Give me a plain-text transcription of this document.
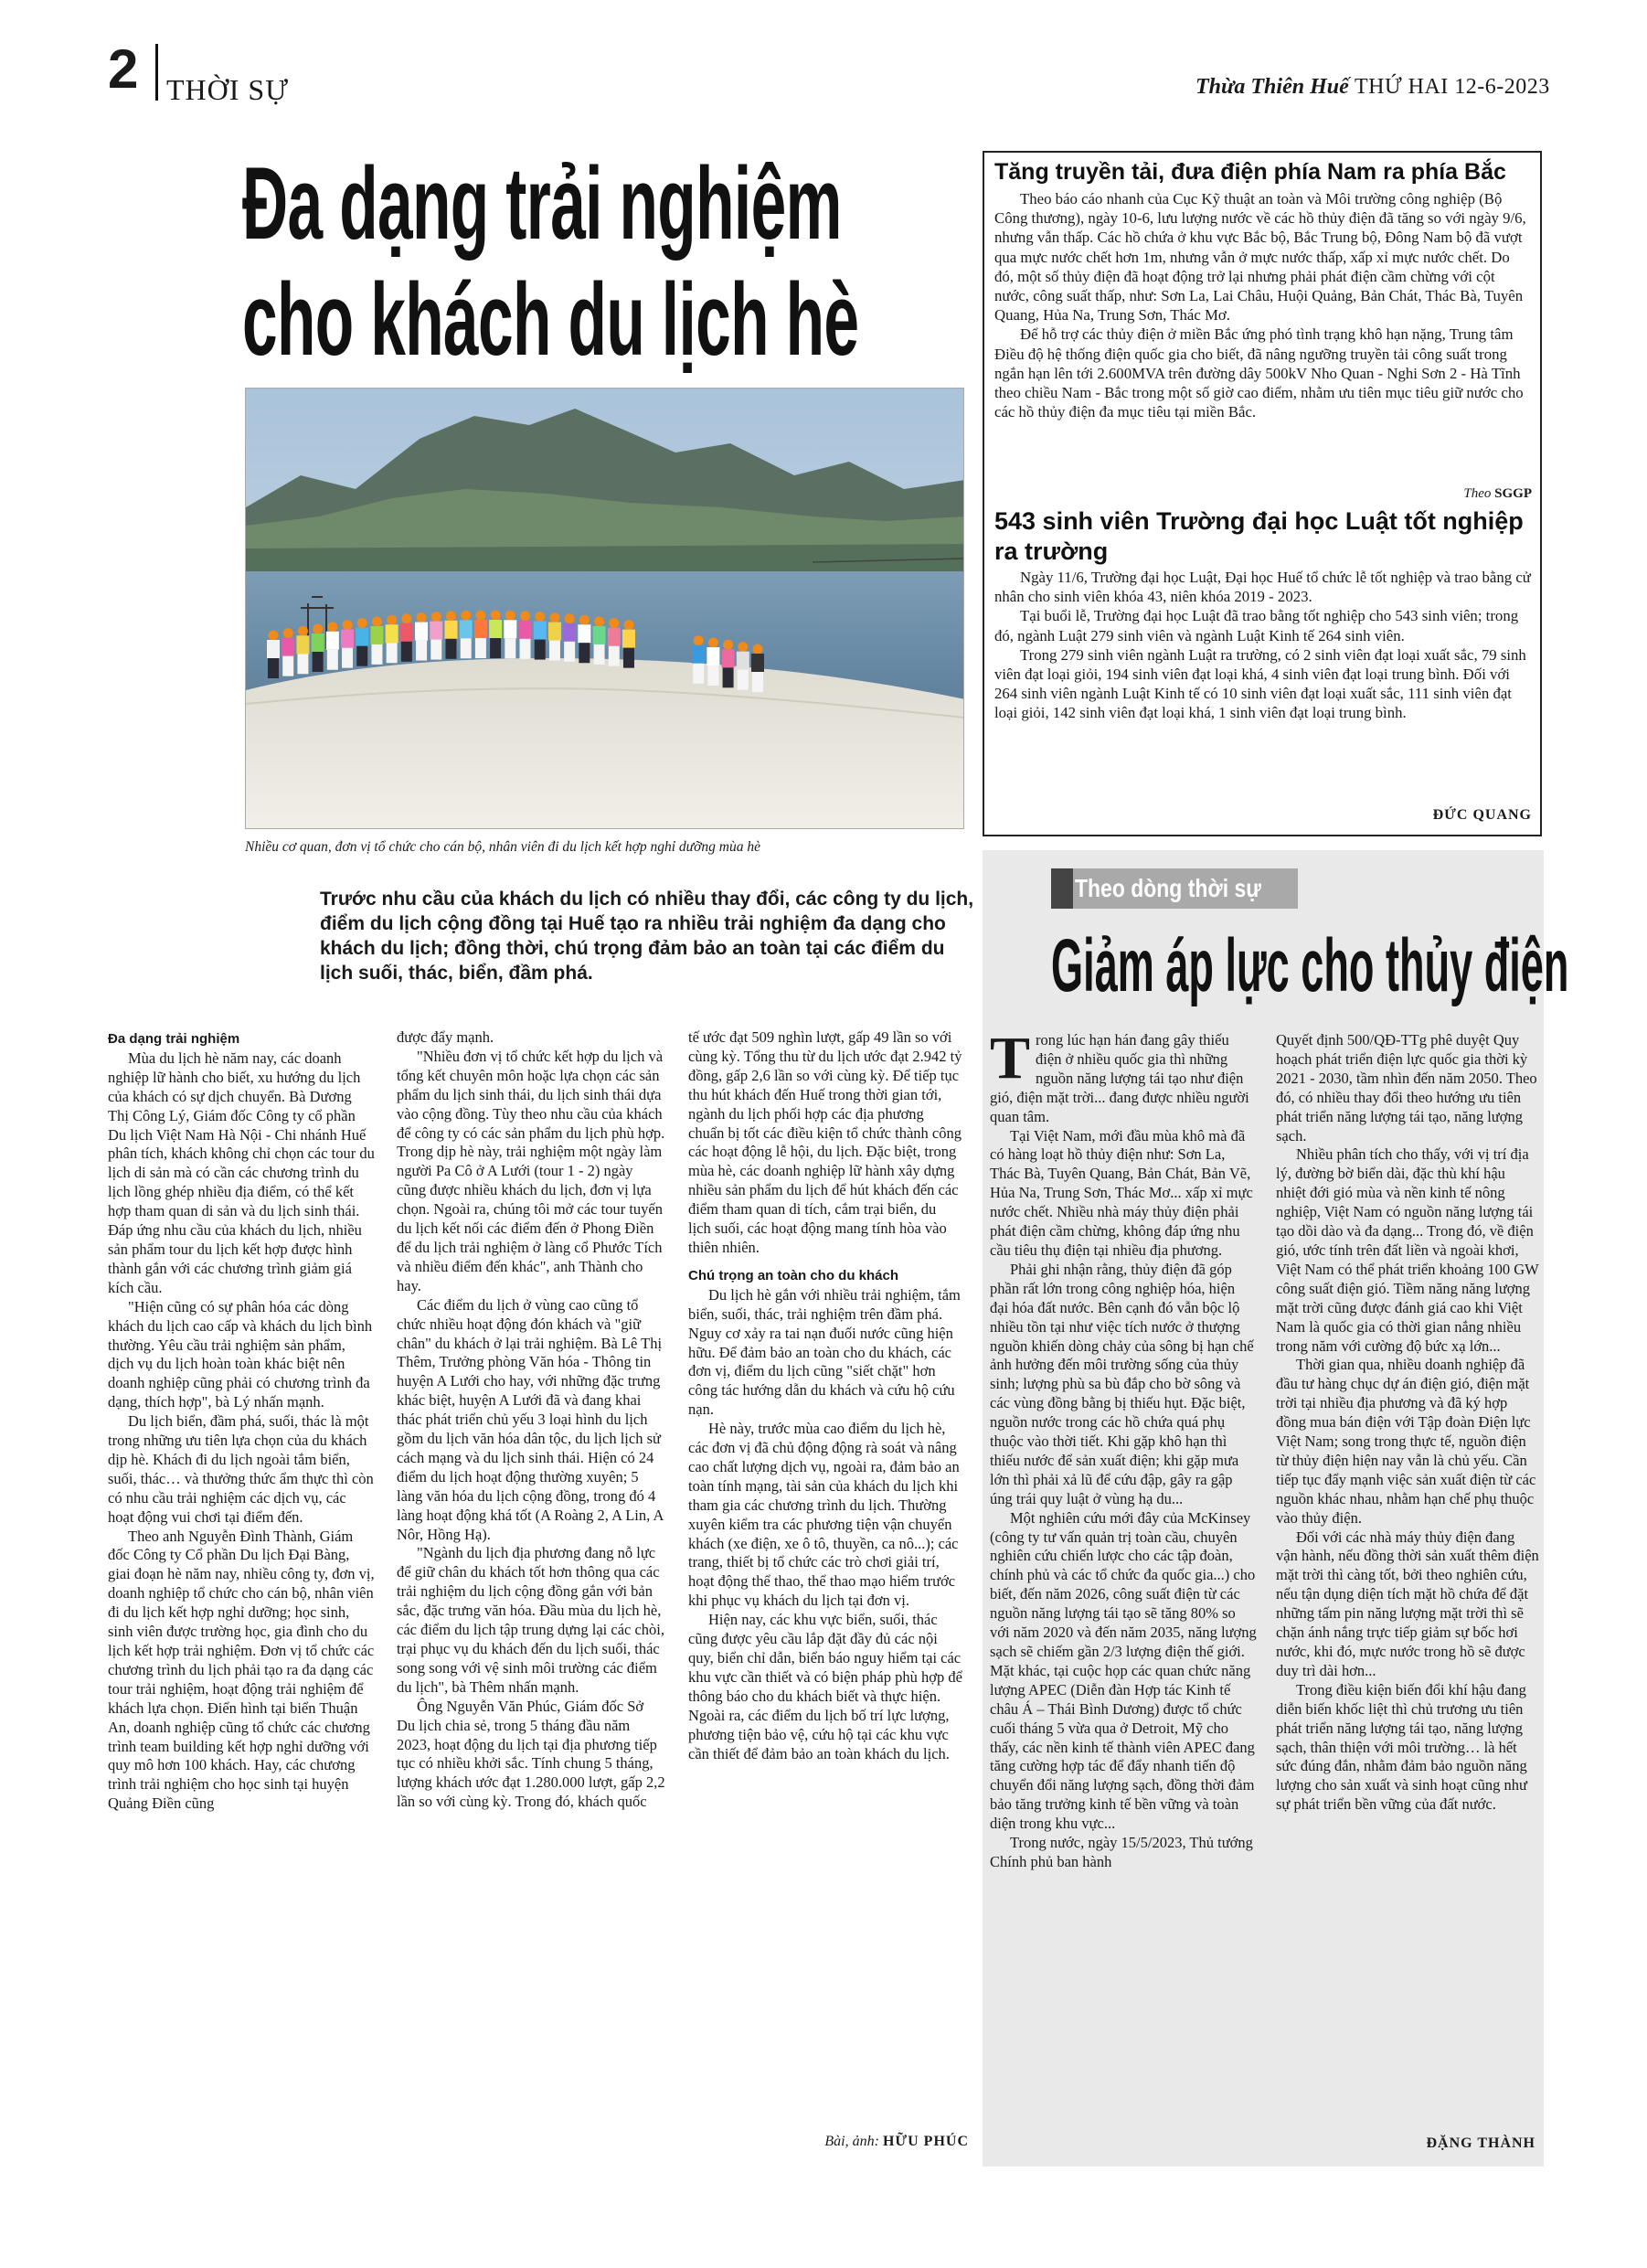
2 THỜI SỰ	Thừa Thiên Huế THỨ HAI 12-6-2023
Đa dạng trải nghiệm
cho khách du lịch hè
Nhiều cơ quan, đơn vị tổ chức cho cán bộ, nhân viên đi du lịch kết hợp nghỉ dưỡng mùa hè
Trước nhu cầu của khách du lịch có nhiều thay đổi, các công ty du lịch, điểm du lịch cộng đồng tại Huế tạo ra nhiều trải nghiệm đa dạng cho khách du lịch; đồng thời, chú trọng đảm bảo an toàn tại các điểm du lịch suối, thác, biển, đầm phá.
Đa dạng trải nghiệm

Mùa du lịch hè năm nay, các doanh nghiệp lữ hành cho biết, xu hướng du lịch của khách có sự dịch chuyển. Bà Dương Thị Công Lý, Giám đốc Công ty cổ phần Du lịch Việt Nam Hà Nội - Chi nhánh Huế phân tích, khách không chỉ chọn các tour du lịch di sản mà có cần các chương trình du lịch lồng ghép nhiều địa điểm, có thể kết hợp tham quan di sản và du lịch sinh thái. Đáp ứng nhu cầu của khách du lịch, nhiều sản phẩm tour du lịch kết hợp được hình thành gắn với các chương trình giảm giá kích cầu.

"Hiện cũng có sự phân hóa các dòng khách du lịch cao cấp và khách du lịch bình thường. Yêu cầu trải nghiệm sản phẩm, dịch vụ du lịch hoàn toàn khác biệt nên doanh nghiệp cũng phải có chương trình đa dạng, thích hợp", bà Lý nhấn mạnh.

Du lịch biển, đầm phá, suối, thác là một trong những ưu tiên lựa chọn của du khách dịp hè. Khách đi du lịch ngoài tắm biển, suối, thác… và thưởng thức ẩm thực thì còn có nhu cầu trải nghiệm các dịch vụ, các hoạt động vui chơi tại điểm đến.

Theo anh Nguyễn Đình Thành, Giám đốc Công ty Cổ phần Du lịch Đại Bàng, giai đoạn hè năm nay, nhiều công ty, đơn vị, doanh nghiệp tổ chức cho cán bộ, nhân viên đi du lịch kết hợp nghỉ dưỡng; học sinh, sinh viên được trường học, gia đình cho du lịch kết hợp trải nghiệm. Đơn vị tổ chức các chương trình du lịch phải tạo ra đa dạng các tour trải nghiệm, hoạt động trải nghiệm để khách lựa chọn. Điển hình tại biển Thuận An, doanh nghiệp cũng tổ chức các chương trình team building kết hợp nghỉ dưỡng với quy mô hơn 100 khách. Hay, các chương trình trải nghiệm cho học sinh tại huyện Quảng Điền cũng

được đẩy mạnh.

"Nhiều đơn vị tổ chức kết hợp du lịch và tổng kết chuyên môn hoặc lựa chọn các sản phẩm du lịch sinh thái, du lịch sinh thái dựa vào cộng đồng. Tùy theo nhu cầu của khách để công ty có các sản phẩm du lịch phù hợp. Trong dịp hè này, trải nghiệm một ngày làm người Pa Cô ở A Lưới (tour 1 - 2) ngày cũng được nhiều khách du lịch, đơn vị lựa chọn. Ngoài ra, chúng tôi mở các tour tuyến du lịch kết nối các điểm đến ở Phong Điền để du lịch trải nghiệm ở làng cổ Phước Tích và nhiều điểm đến khác", anh Thành cho hay.

Các điểm du lịch ở vùng cao cũng tổ chức nhiều hoạt động đón khách và "giữ chân" du khách ở lại trải nghiệm. Bà Lê Thị Thêm, Trưởng phòng Văn hóa - Thông tin huyện A Lưới cho hay, với những đặc trưng khác biệt, huyện A Lưới đã và đang khai thác phát triển chủ yếu 3 loại hình du lịch gồm du lịch văn hóa dân tộc, du lịch lịch sử cách mạng và du lịch sinh thái. Hiện có 24 điểm du lịch hoạt động thường xuyên; 5 làng văn hóa du lịch cộng đồng, trong đó 4 làng hoạt động khá tốt (A Roàng 2, A Lin, A Nôr, Hồng Hạ).

"Ngành du lịch địa phương đang nỗ lực để giữ chân du khách tốt hơn thông qua các trải nghiệm du lịch cộng đồng gắn với bản sắc, đặc trưng văn hóa. Đầu mùa du lịch hè, các điểm du lịch tập trung dựng lại các chòi, trại phục vụ du khách đến du lịch suối, thác song song với vệ sinh môi trường các điểm du lịch", bà Thêm nhấn mạnh.

Ông Nguyễn Văn Phúc, Giám đốc Sở Du lịch chia sẻ, trong 5 tháng đầu năm 2023, hoạt động du lịch tại địa phương tiếp tục có nhiều khởi sắc. Tính chung 5 tháng, lượng khách ước đạt 1.280.000 lượt, gấp 2,2 lần so với cùng kỳ. Trong đó, khách quốc

tế ước đạt 509 nghìn lượt, gấp 49 lần so với cùng kỳ. Tổng thu từ du lịch ước đạt 2.942 tỷ đồng, gấp 2,6 lần so với cùng kỳ. Để tiếp tục thu hút khách đến Huế trong thời gian tới, ngành du lịch phối hợp các địa phương chuẩn bị tốt các điều kiện tổ chức thành công các hoạt động lễ hội, du lịch. Đặc biệt, trong mùa hè, các doanh nghiệp lữ hành xây dựng nhiều sản phẩm du lịch để hút khách đến các điểm tham quan di tích, cắm trại biển, du lịch suối, các hoạt động mang tính hòa vào thiên nhiên.

Chú trọng an toàn cho du khách

Du lịch hè gắn với nhiều trải nghiệm, tắm biển, suối, thác, trải nghiệm trên đầm phá. Nguy cơ xảy ra tai nạn đuối nước cũng hiện hữu. Để đảm bảo an toàn cho du khách, các đơn vị, điểm du lịch cũng "siết chặt" hơn công tác hướng dẫn du khách và cứu hộ cứu nạn.

Hè này, trước mùa cao điểm du lịch hè, các đơn vị đã chủ động động rà soát và nâng cao chất lượng dịch vụ, ngoài ra, đảm bảo an toàn tính mạng, tài sản của khách du lịch khi tham gia các chương trình du lịch. Thường xuyên kiểm tra các phương tiện vận chuyển khách (xe điện, xe ô tô, thuyền, ca nô...); các trang, thiết bị tổ chức các trò chơi giải trí, hoạt động thể thao, thể thao mạo hiểm trước khi phục vụ khách du lịch tại đơn vị.

Hiện nay, các khu vực biển, suối, thác cũng được yêu cầu lắp đặt đầy đủ các nội quy, biển chỉ dẫn, biển báo nguy hiểm tại các khu vực cần thiết và có biện pháp phù hợp để thông báo cho du khách biết và thực hiện. Ngoài ra, các điểm du lịch bố trí lực lượng, phương tiện bảo vệ, cứu hộ tại các khu vực cần thiết để đảm bảo an toàn khách du lịch.

Bài, ảnh: HỮU PHÚC
Tăng truyền tải, đưa điện phía Nam ra phía Bắc

Theo báo cáo nhanh của Cục Kỹ thuật an toàn và Môi trường công nghiệp (Bộ Công thương), ngày 10-6, lưu lượng nước về các hồ thủy điện đã tăng so với ngày 9/6, nhưng vẫn thấp. Các hồ chứa ở khu vực Bắc bộ, Bắc Trung bộ, Đông Nam bộ đã vượt qua mực nước chết hơn 1m, nhưng vẫn ở mực nước thấp, xấp xỉ mực nước chết. Do đó, một số thủy điện đã hoạt động trở lại nhưng phải phát điện cầm chừng với cột nước, công suất thấp, như: Sơn La, Lai Châu, Huội Quảng, Bản Chát, Thác Bà, Tuyên Quang, Hủa Na, Trung Sơn, Thác Mơ.

Để hỗ trợ các thủy điện ở miền Bắc ứng phó tình trạng khô hạn nặng, Trung tâm Điều độ hệ thống điện quốc gia cho biết, đã nâng ngưỡng truyền tải công suất trong ngắn hạn lên tới 2.600MVA trên đường dây 500kV Nho Quan - Nghi Sơn 2 - Hà Tĩnh theo chiều Nam - Bắc trong một số giờ cao điểm, nhằm ưu tiên mục tiêu giữ nước cho các hồ thủy điện đa mục tiêu tại miền Bắc.

Theo SGGP
543 sinh viên Trường đại học Luật tốt nghiệp ra trường

Ngày 11/6, Trường đại học Luật, Đại học Huế tổ chức lễ tốt nghiệp và trao bằng cử nhân cho sinh viên khóa 43, niên khóa 2019 - 2023.

Tại buổi lễ, Trường đại học Luật đã trao bằng tốt nghiệp cho 543 sinh viên; trong đó, ngành Luật 279 sinh viên và ngành Luật Kinh tế 264 sinh viên.

Trong 279 sinh viên ngành Luật ra trường, có 2 sinh viên đạt loại xuất sắc, 79 sinh viên đạt loại giỏi, 194 sinh viên đạt loại khá, 4 sinh viên đạt loại trung bình. Đối với 264 sinh viên ngành Luật Kinh tế có 10 sinh viên đạt loại xuất sắc, 111 sinh viên đạt loại giỏi, 142 sinh viên đạt loại khá, 1 sinh viên đạt loại trung bình.

ĐỨC QUANG
Theo dòng thời sự
Giảm áp lực cho thủy điện

Trong lúc hạn hán đang gây thiếu điện ở nhiều quốc gia thì những nguồn năng lượng tái tạo như điện gió, điện mặt trời... đang được nhiều người quan tâm.

Tại Việt Nam, mới đầu mùa khô mà đã có hàng loạt hồ thủy điện như: Sơn La, Thác Bà, Tuyên Quang, Bản Chát, Bản Vẽ, Hủa Na, Trung Sơn, Thác Mơ... xấp xỉ mực nước chết. Nhiều nhà máy thủy điện phải phát điện cầm chừng, không đáp ứng nhu cầu tiêu thụ điện tại nhiều địa phương.

Phải ghi nhận rằng, thủy điện đã góp phần rất lớn trong công nghiệp hóa, hiện đại hóa đất nước. Bên cạnh đó vẫn bộc lộ nhiều tồn tại như việc tích nước ở thượng nguồn khiến dòng chảy của sông bị hạn chế ảnh hưởng đến môi trường sống của thủy sinh; lượng phù sa bù đắp cho bờ sông và các vùng đồng bằng bị thiếu hụt. Đặc biệt, nguồn nước trong các hồ chứa quá phụ thuộc vào thời tiết. Khi gặp khô hạn thì thiếu nước để sản xuất điện; khi gặp mưa lớn thì phải xả lũ để cứu đập, gây ra gập úng trái quy luật ở vùng hạ du...

Một nghiên cứu mới đây của McKinsey (công ty tư vấn quản trị toàn cầu, chuyên nghiên cứu chiến lược cho các tập đoàn, chính phủ và các tổ chức đa quốc gia...) cho biết, đến năm 2026, công suất điện từ các nguồn năng lượng tái tạo sẽ tăng 80% so với năm 2020 và đến năm 2035, năng lượng sạch sẽ chiếm gần 2/3 lượng điện thế giới. Mặt khác, tại cuộc họp các quan chức năng lượng APEC (Diễn đàn Hợp tác Kinh tế châu Á – Thái Bình Dương) được tổ chức cuối tháng 5 vừa qua ở Detroit, Mỹ cho thấy, các nền kinh tế thành viên APEC đang tăng cường hợp tác để đẩy nhanh tiến độ chuyển đổi năng lượng sạch, đồng thời đảm bảo tăng trưởng kinh tế bền vững và toàn diện trong khu vực...

Trong nước, ngày 15/5/2023, Thủ tướng Chính phủ ban hành

Quyết định 500/QĐ-TTg phê duyệt Quy hoạch phát triển điện lực quốc gia thời kỳ 2021 - 2030, tầm nhìn đến năm 2050. Theo đó, có nhiều thay đổi theo hướng ưu tiên phát triển năng lượng tái tạo, năng lượng sạch.

Nhiều phân tích cho thấy, với vị trí địa lý, đường bờ biển dài, đặc thù khí hậu nhiệt đới gió mùa và nền kinh tế nông nghiệp, Việt Nam có nguồn năng lượng tái tạo dồi dào và đa dạng... Trong đó, về điện gió, ước tính trên đất liền và ngoài khơi, Việt Nam có thể phát triển khoảng 100 GW công suất điện gió. Tiềm năng năng lượng mặt trời cũng được đánh giá cao khi Việt Nam là quốc gia có thời gian nắng nhiều trong năm với cường độ bức xạ lớn...

Thời gian qua, nhiều doanh nghiệp đã đầu tư hàng chục dự án điện gió, điện mặt trời tại nhiều địa phương và đã ký hợp đồng mua bán điện với Tập đoàn Điện lực Việt Nam; song trong thực tế, nguồn điện từ thủy điện hiện nay vẫn là chủ yếu. Cần tiếp tục đẩy mạnh việc sản xuất điện từ các nguồn khác nhau, nhằm hạn chế phụ thuộc vào thủy điện.

Đối với các nhà máy thủy điện đang vận hành, nếu đồng thời sản xuất thêm điện mặt trời thì càng tốt, bởi theo nghiên cứu, nếu tận dụng diện tích mặt hồ chứa để đặt những tấm pin năng lượng mặt trời thì sẽ chặn ánh nắng trực tiếp giảm sự bốc hơi nước, khi đó, mực nước trong hồ sẽ được duy trì dài hơn...

Trong điều kiện biến đổi khí hậu đang diễn biến khốc liệt thì chủ trương ưu tiên phát triển năng lượng tái tạo, năng lượng sạch, thân thiện với môi trường… là hết sức đúng đắn, nhằm đảm bảo nguồn năng lượng cho sản xuất và sinh hoạt cũng như sự phát triển bền vững của đất nước.

ĐẶNG THÀNH
